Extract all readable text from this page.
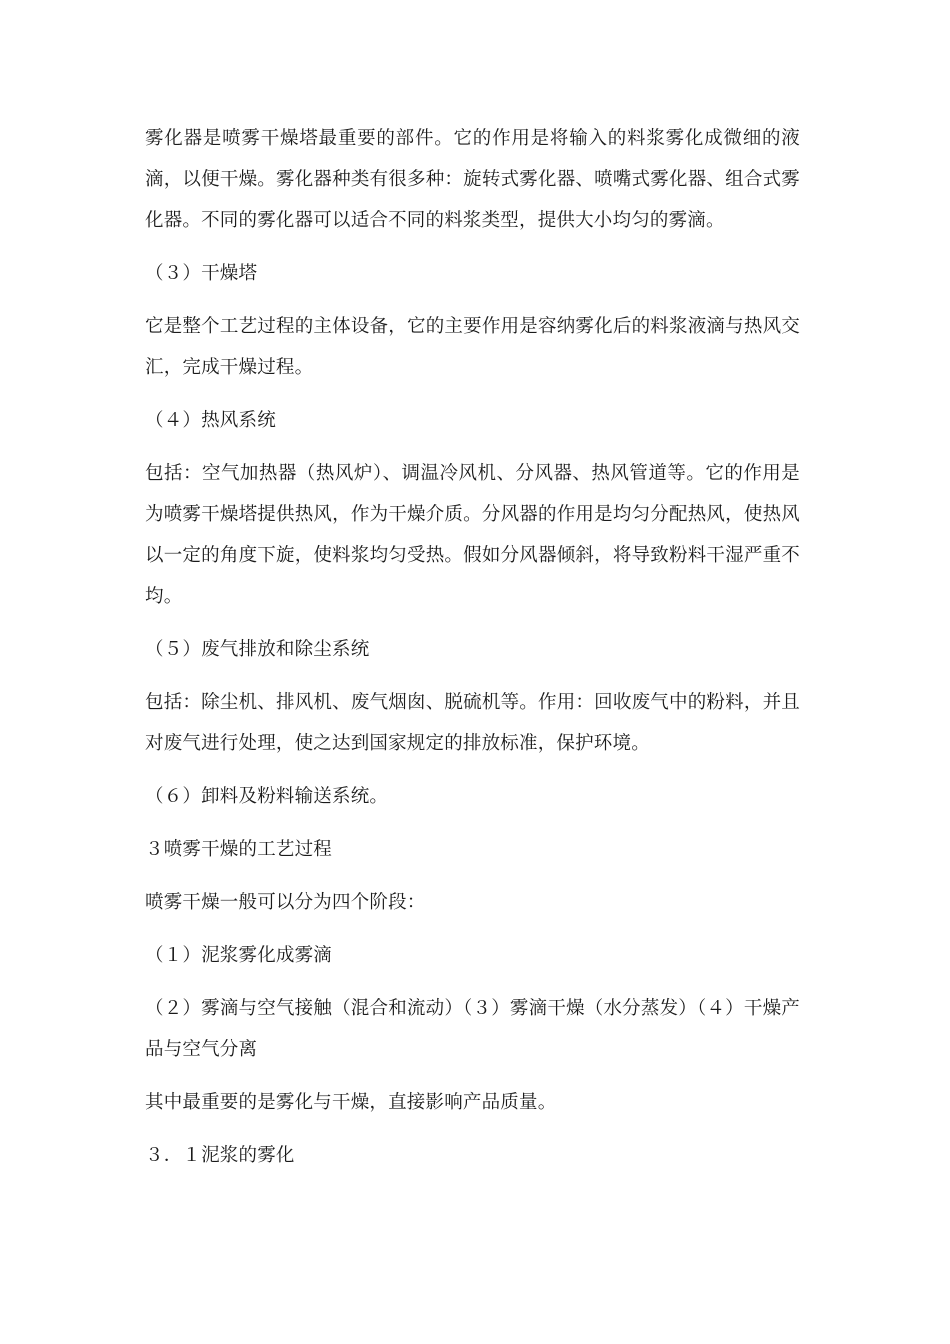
雾化器是喷雾干燥塔最重要的部件。它的作用是将输入的料浆雾化成微细的液滴，以便干燥。雾化器种类有很多种：旋转式雾化器、喷嘴式雾化器、组合式雾化器。不同的雾化器可以适合不同的料浆类型，提供大小均匀的雾滴。

（３）干燥塔

它是整个工艺过程的主体设备，它的主要作用是容纳雾化后的料浆液滴与热风交汇，完成干燥过程。

（４）热风系统

包括：空气加热器（热风炉）、调温冷风机、分风器、热风管道等。它的作用是为喷雾干燥塔提供热风，作为干燥介质。分风器的作用是均匀分配热风，使热风以一定的角度下旋，使料浆均匀受热。假如分风器倾斜，将导致粉料干湿严重不均。

（５）废气排放和除尘系统

包括：除尘机、排风机、废气烟囱、脱硫机等。作用：回收废气中的粉料，并且对废气进行处理，使之达到国家规定的排放标准，保护环境。

（６）卸料及粉料输送系统。

３喷雾干燥的工艺过程

喷雾干燥一般可以分为四个阶段：

（１）泥浆雾化成雾滴

（２）雾滴与空气接触（混合和流动）（３）雾滴干燥（水分蒸发）（４）干燥产品与空气分离

其中最重要的是雾化与干燥，直接影响产品质量。

３．１泥浆的雾化
